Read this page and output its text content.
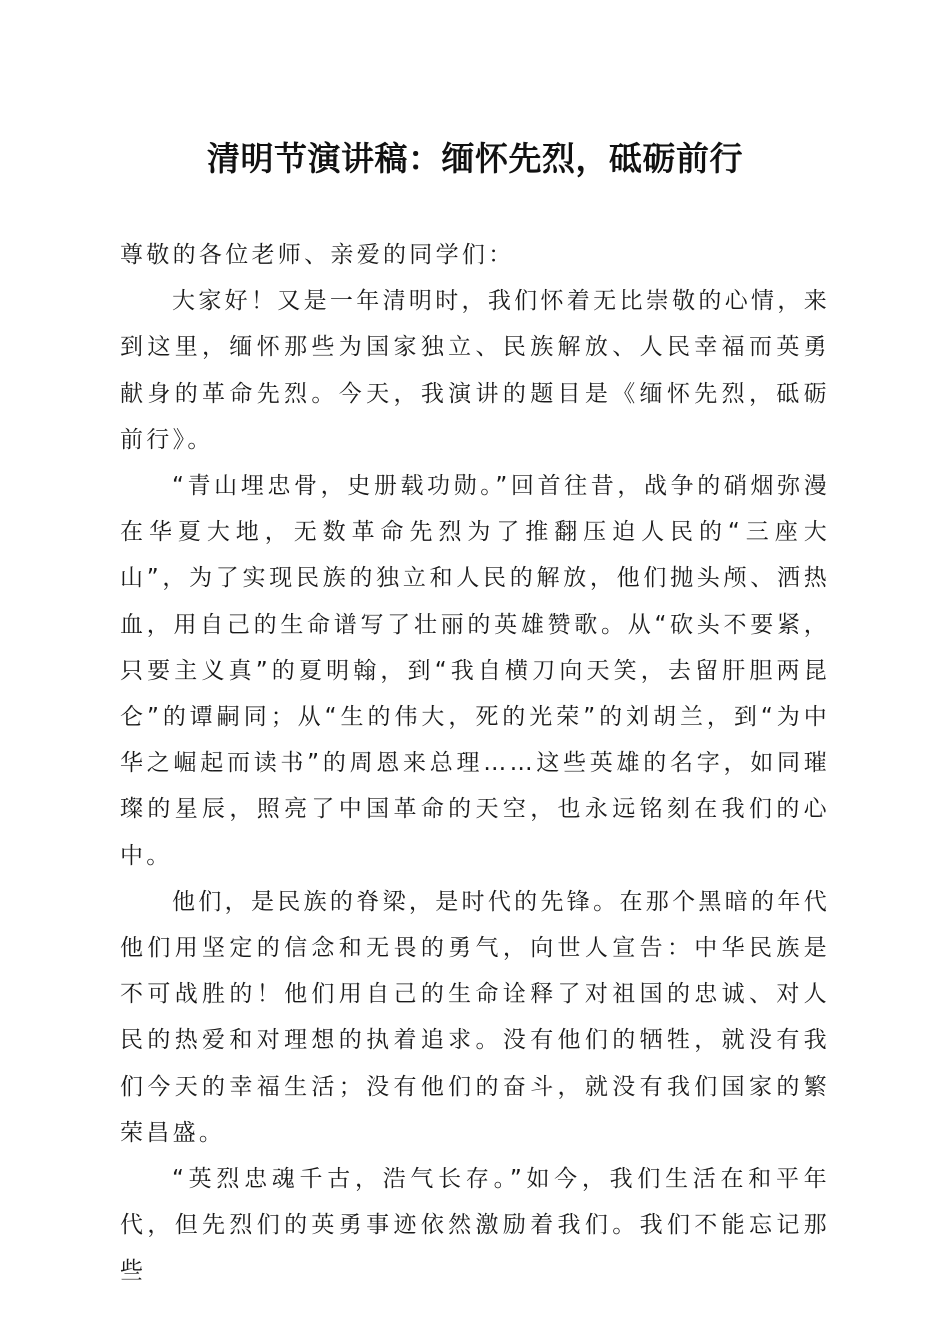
清明节演讲稿：缅怀先烈，砥砺前行

尊敬的各位老师、亲爱的同学们：

大家好！又是一年清明时，我们怀着无比崇敬的心情，来到这里，缅怀那些为国家独立、民族解放、人民幸福而英勇献身的革命先烈。今天，我演讲的题目是《缅怀先烈，砥砺前行》。

“青山埋忠骨，史册载功勋。”回首往昔，战争的硝烟弥漫在华夏大地，无数革命先烈为了推翻压迫人民的“三座大山”，为了实现民族的独立和人民的解放，他们抛头颅、洒热血，用自己的生命谱写了壮丽的英雄赞歌。从“砍头不要紧，只要主义真”的夏明翰，到“我自横刀向天笑，去留肝胆两昆仑”的谭嗣同；从“生的伟大，死的光荣”的刘胡兰，到“为中华之崛起而读书”的周恩来总理……这些英雄的名字，如同璀璨的星辰，照亮了中国革命的天空，也永远铭刻在我们的心中。

他们，是民族的脊梁，是时代的先锋。在那个黑暗的年代他们用坚定的信念和无畏的勇气，向世人宣告：中华民族是不可战胜的！他们用自己的生命诠释了对祖国的忠诚、对人民的热爱和对理想的执着追求。没有他们的牺牲，就没有我们今天的幸福生活；没有他们的奋斗，就没有我们国家的繁荣昌盛。

“英烈忠魂千古，浩气长存。”如今，我们生活在和平年代，但先烈们的英勇事迹依然激励着我们。我们不能忘记那些
